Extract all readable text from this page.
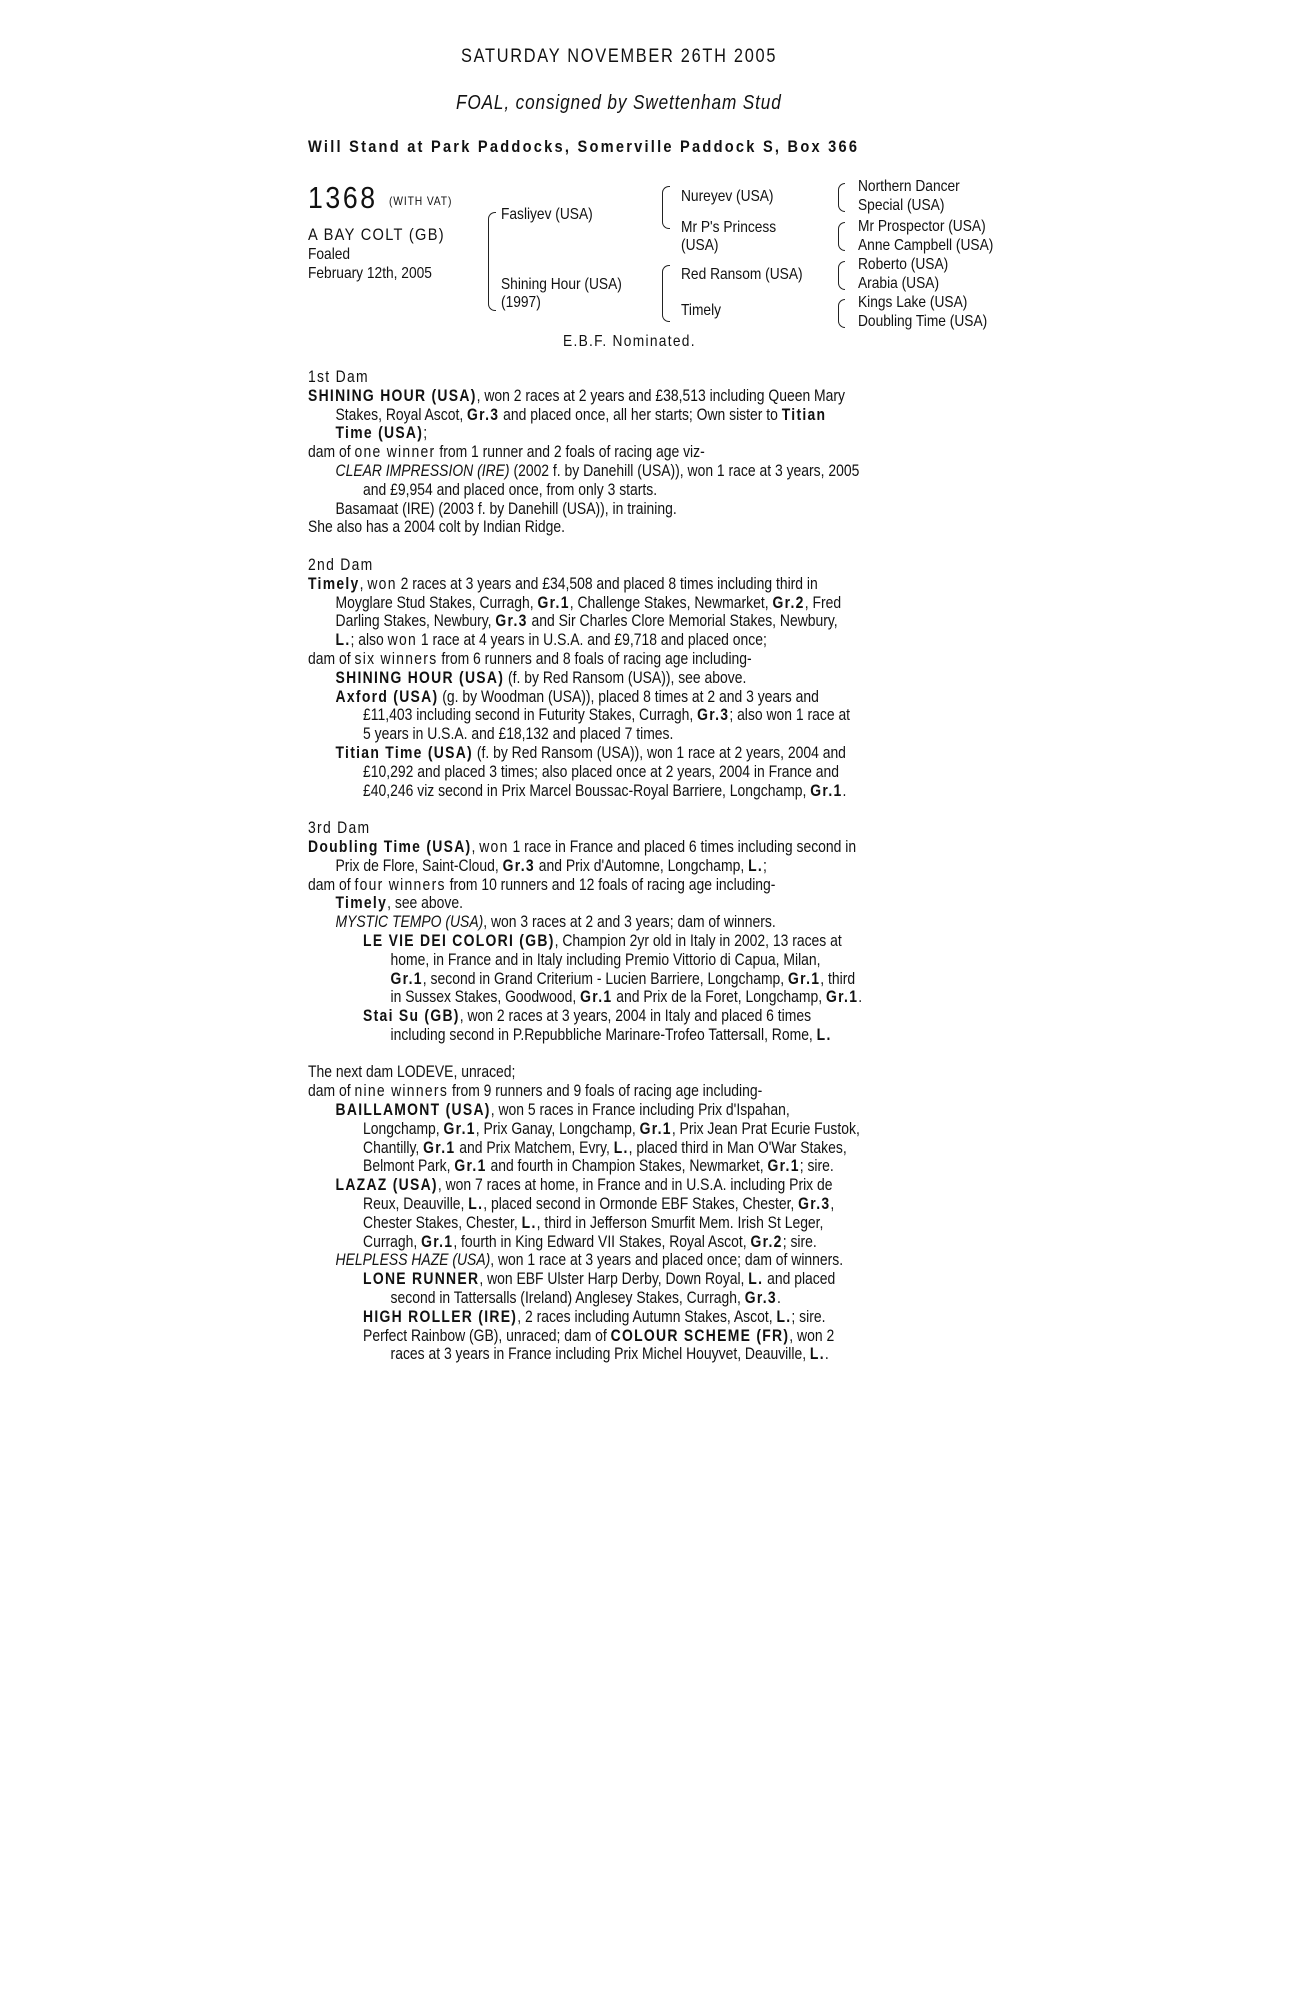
SATURDAY NOVEMBER 26TH 2005
FOAL, consigned by Swettenham Stud
Will Stand at Park Paddocks, Somerville Paddock S, Box 366
1368 (WITH VAT)
A BAY COLT (GB)
Foaled
February 12th, 2005
Fasliyev (USA)
Shining Hour (USA)
(1997)
Nureyev (USA)
Mr P's Princess
(USA)
Red Ransom (USA)
Timely
Northern Dancer
Special (USA)
Mr Prospector (USA)
Anne Campbell (USA)
Roberto (USA)
Arabia (USA)
Kings Lake (USA)
Doubling Time (USA)
E.B.F. Nominated.
1st Dam
SHINING HOUR (USA), won 2 races at 2 years and £38,513 including Queen Mary
Stakes, Royal Ascot, Gr.3 and placed once, all her starts; Own sister to Titian
Time (USA);
dam of one winner from 1 runner and 2 foals of racing age viz-
CLEAR IMPRESSION (IRE) (2002 f. by Danehill (USA)), won 1 race at 3 years, 2005
and £9,954 and placed once, from only 3 starts.
Basamaat (IRE) (2003 f. by Danehill (USA)), in training.
She also has a 2004 colt by Indian Ridge.
2nd Dam
Timely, won 2 races at 3 years and £34,508 and placed 8 times including third in
Moyglare Stud Stakes, Curragh, Gr.1, Challenge Stakes, Newmarket, Gr.2, Fred
Darling Stakes, Newbury, Gr.3 and Sir Charles Clore Memorial Stakes, Newbury,
L.; also won 1 race at 4 years in U.S.A. and £9,718 and placed once;
dam of six winners from 6 runners and 8 foals of racing age including-
SHINING HOUR (USA) (f. by Red Ransom (USA)), see above.
Axford (USA) (g. by Woodman (USA)), placed 8 times at 2 and 3 years and
£11,403 including second in Futurity Stakes, Curragh, Gr.3; also won 1 race at
5 years in U.S.A. and £18,132 and placed 7 times.
Titian Time (USA) (f. by Red Ransom (USA)), won 1 race at 2 years, 2004 and
£10,292 and placed 3 times; also placed once at 2 years, 2004 in France and
£40,246 viz second in Prix Marcel Boussac-Royal Barriere, Longchamp, Gr.1.
3rd Dam
Doubling Time (USA), won 1 race in France and placed 6 times including second in
Prix de Flore, Saint-Cloud, Gr.3 and Prix d'Automne, Longchamp, L.;
dam of four winners from 10 runners and 12 foals of racing age including-
Timely, see above.
MYSTIC TEMPO (USA), won 3 races at 2 and 3 years; dam of winners.
LE VIE DEI COLORI (GB), Champion 2yr old in Italy in 2002, 13 races at
home, in France and in Italy including Premio Vittorio di Capua, Milan,
Gr.1, second in Grand Criterium - Lucien Barriere, Longchamp, Gr.1, third
in Sussex Stakes, Goodwood, Gr.1 and Prix de la Foret, Longchamp, Gr.1.
Stai Su (GB), won 2 races at 3 years, 2004 in Italy and placed 6 times
including second in P.Repubbliche Marinare-Trofeo Tattersall, Rome, L.
The next dam LODEVE, unraced;
dam of nine winners from 9 runners and 9 foals of racing age including-
BAILLAMONT (USA), won 5 races in France including Prix d'Ispahan,
Longchamp, Gr.1, Prix Ganay, Longchamp, Gr.1, Prix Jean Prat Ecurie Fustok,
Chantilly, Gr.1 and Prix Matchem, Evry, L., placed third in Man O'War Stakes,
Belmont Park, Gr.1 and fourth in Champion Stakes, Newmarket, Gr.1; sire.
LAZAZ (USA), won 7 races at home, in France and in U.S.A. including Prix de
Reux, Deauville, L., placed second in Ormonde EBF Stakes, Chester, Gr.3,
Chester Stakes, Chester, L., third in Jefferson Smurfit Mem. Irish St Leger,
Curragh, Gr.1, fourth in King Edward VII Stakes, Royal Ascot, Gr.2; sire.
HELPLESS HAZE (USA), won 1 race at 3 years and placed once; dam of winners.
LONE RUNNER, won EBF Ulster Harp Derby, Down Royal, L. and placed
second in Tattersalls (Ireland) Anglesey Stakes, Curragh, Gr.3.
HIGH ROLLER (IRE), 2 races including Autumn Stakes, Ascot, L.; sire.
Perfect Rainbow (GB), unraced; dam of COLOUR SCHEME (FR), won 2
races at 3 years in France including Prix Michel Houyvet, Deauville, L..
